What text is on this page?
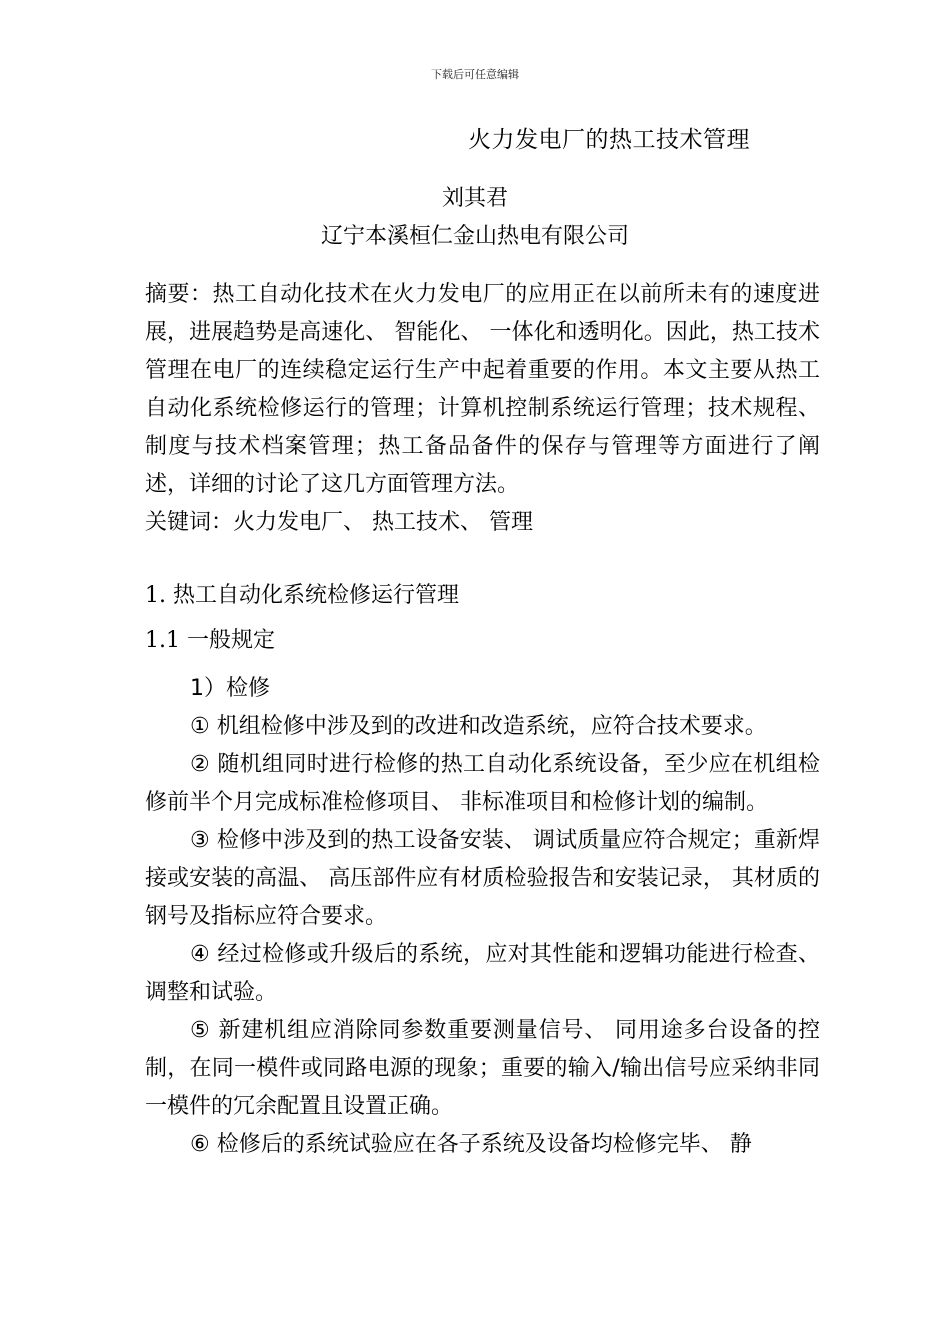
下载后可任意编辑
火力发电厂的热工技术管理
刘其君
辽宁本溪桓仁金山热电有限公司

摘要：热工自动化技术在火力发电厂的应用正在以前所未有的速度进展，进展趋势是高速化、 智能化、 一体化和透明化。因此，热工技术管理在电厂的连续稳定运行生产中起着重要的作用。本文主要从热工自动化系统检修运行的管理；计算机控制系统运行管理；技术规程、 制度与技术档案管理；热工备品备件的保存与管理等方面进行了阐述，详细的讨论了这几方面管理方法。

关键词：火力发电厂、 热工技术、 管理

1. 热工自动化系统检修运行管理

1.1 一般规定

1）检修

① 机组检修中涉及到的改进和改造系统，应符合技术要求。

② 随机组同时进行检修的热工自动化系统设备，至少应在机组检修前半个月完成标准检修项目、 非标准项目和检修计划的编制。

③ 检修中涉及到的热工设备安装、 调试质量应符合规定；重新焊接或安装的高温、 高压部件应有材质检验报告和安装记录， 其材质的钢号及指标应符合要求。

④ 经过检修或升级后的系统，应对其性能和逻辑功能进行检查、 调整和试验。

⑤ 新建机组应消除同参数重要测量信号、 同用途多台设备的控制，在同一模件或同路电源的现象；重要的输入/输出信号应采纳非同一模件的冗余配置且设置正确。

⑥ 检修后的系统试验应在各子系统及设备均检修完毕、 静
